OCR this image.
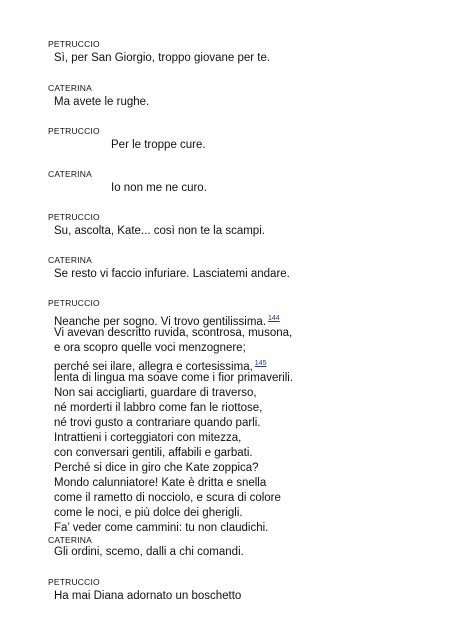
PETRUCCIO
Sì, per San Giorgio, troppo giovane per te.
CATERINA
Ma avete le rughe.
PETRUCCIO
Per le troppe cure.
CATERINA
Io non me ne curo.
PETRUCCIO
Su, ascolta, Kate... così non te la scampi.
CATERINA
Se resto vi faccio infuriare. Lasciatemi andare.
PETRUCCIO
Neanche per sogno. Vi trovo gentilissima. $^{144}$
Vi avevan descritto ruvida, scontrosa, musona,
e ora scopro quelle voci menzognere;
perché sei ilare, allegra e cortesissima, $^{145}$
lenta di lingua ma soave come i fior primaverili.
Non sai accigliarti, guardare di traverso,
né morderti il labbro come fan le riottose,
né trovi gusto a contrariare quando parli.
Intrattieni i corteggiatori con mitezza,
con conversari gentili, affabili e garbati.
Perché si dice in giro che Kate zoppica?
Mondo calunniatore! Kate è dritta e snella
come il rametto di nocciolo, e scura di colore
come le noci, e più dolce dei gherigli.
Fa’ veder come cammini: tu non claudichi.
CATERINA
Gli ordini, scemo, dalli a chi comandi.
PETRUCCIO
Ha mai Diana adornato un boschetto
